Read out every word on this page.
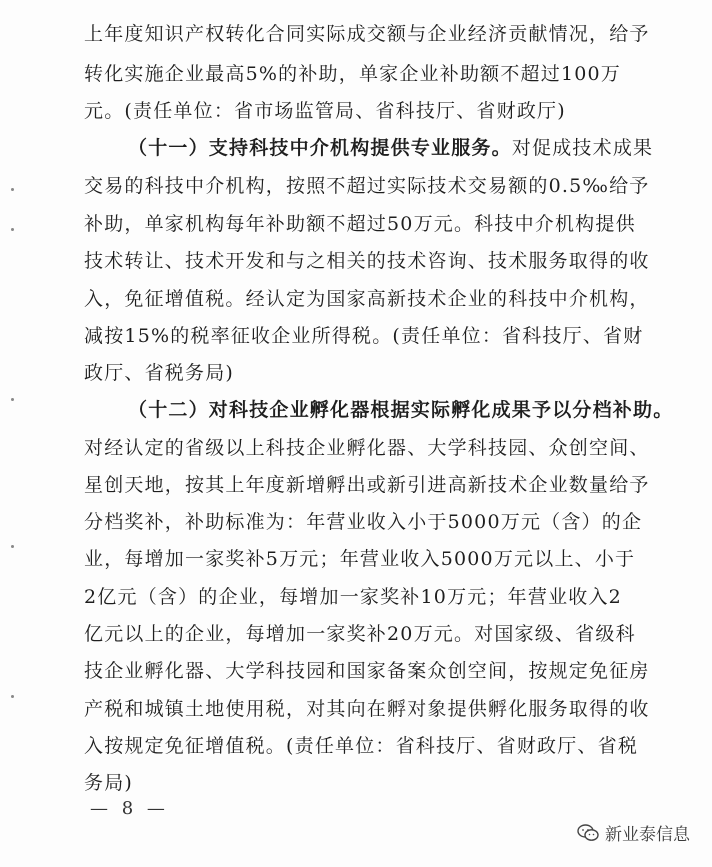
上年度知识产权转化合同实际成交额与企业经济贡献情况，给予
转化实施企业最高5%的补助，单家企业补助额不超过100万
元。(责任单位：省市场监管局、省科技厅、省财政厅)
（十一）支持科技中介机构提供专业服务。对促成技术成果
交易的科技中介机构，按照不超过实际技术交易额的0.5‰给予
补助，单家机构每年补助额不超过50万元。科技中介机构提供
技术转让、技术开发和与之相关的技术咨询、技术服务取得的收
入，免征增值税。经认定为国家高新技术企业的科技中介机构，
减按15%的税率征收企业所得税。(责任单位：省科技厅、省财
政厅、省税务局)
（十二）对科技企业孵化器根据实际孵化成果予以分档补助。
对经认定的省级以上科技企业孵化器、大学科技园、众创空间、
星创天地，按其上年度新增孵出或新引进高新技术企业数量给予
分档奖补，补助标准为：年营业收入小于5000万元（含）的企
业，每增加一家奖补5万元；年营业收入5000万元以上、小于
2亿元（含）的企业，每增加一家奖补10万元；年营业收入2
亿元以上的企业，每增加一家奖补20万元。对国家级、省级科
技企业孵化器、大学科技园和国家备案众创空间，按规定免征房
产税和城镇土地使用税，对其向在孵对象提供孵化服务取得的收
入按规定免征增值税。(责任单位：省科技厅、省财政厅、省税
务局)
— 8 —
新业泰信息
